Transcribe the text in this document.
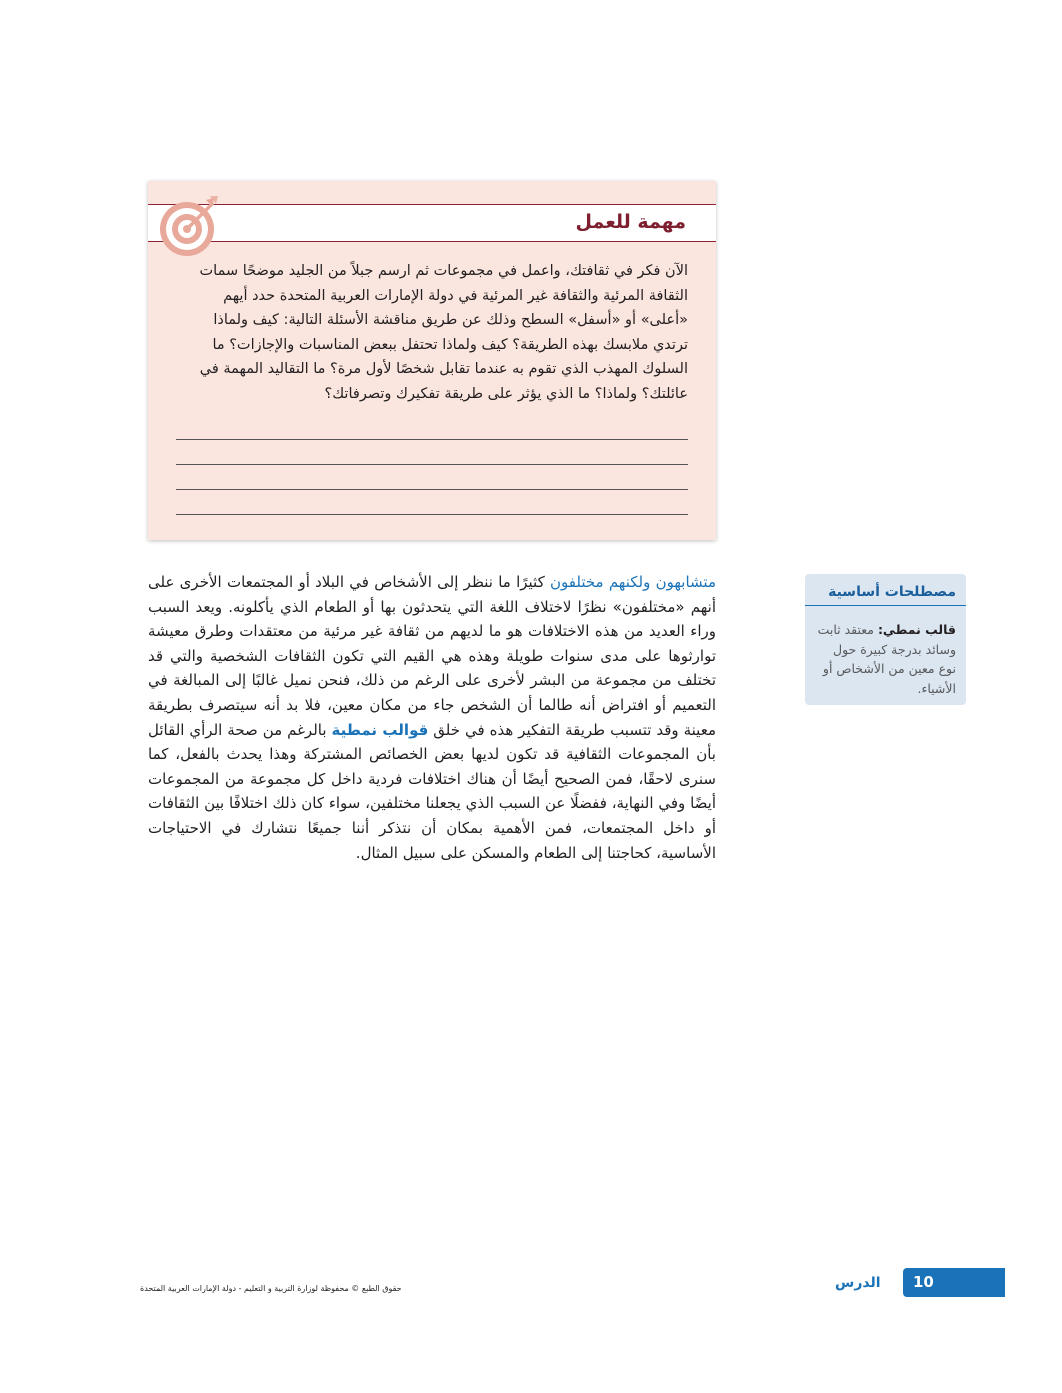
مهمة للعمل
الآن فكر في ثقافتك، واعمل في مجموعات ثم ارسم جبلاً من الجليد موضحًا سمات الثقافة المرئية والثقافة غير المرئية في دولة الإمارات العربية المتحدة حدد أيهم «أعلى» أو «أسفل» السطح وذلك عن طريق مناقشة الأسئلة التالية: كيف ولماذا ترتدي ملابسك بهذه الطريقة؟ كيف ولماذا تحتفل ببعض المناسبات والإجازات؟ ما السلوك المهذب الذي تقوم به عندما تقابل شخصًا لأول مرة؟ ما التقاليد المهمة في عائلتك؟ ولماذا؟ ما الذي يؤثر على طريقة تفكيرك وتصرفاتك؟
متشابهون ولكنهم مختلفون كثيرًا ما ننظر إلى الأشخاص في البلاد أو المجتمعات الأخرى على أنهم «مختلفون» نظرًا لاختلاف اللغة التي يتحدثون بها أو الطعام الذي يأكلونه. ويعد السبب وراء العديد من هذه الاختلافات هو ما لديهم من ثقافة غير مرئية من معتقدات وطرق معيشة توارثوها على مدى سنوات طويلة وهذه هي القيم التي تكون الثقافات الشخصية والتي قد تختلف من مجموعة من البشر لأخرى على الرغم من ذلك، فنحن نميل غالبًا إلى المبالغة في التعميم أو افتراض أنه طالما أن الشخص جاء من مكان معين، فلا بد أنه سيتصرف بطريقة معينة وقد تتسبب طريقة التفكير هذه في خلق قوالب نمطية بالرغم من صحة الرأي القائل بأن المجموعات الثقافية قد تكون لديها بعض الخصائص المشتركة وهذا يحدث بالفعل، كما سنرى لاحقًا، فمن الصحيح أيضًا أن هناك اختلافات فردية داخل كل مجموعة من المجموعات أيضًا وفي النهاية، ففضلًا عن السبب الذي يجعلنا مختلفين، سواء كان ذلك اختلافًا بين الثقافات أو داخل المجتمعات، فمن الأهمية بمكان أن نتذكر أننا جميعًا نتشارك في الاحتياجات الأساسية، كحاجتنا إلى الطعام والمسكن على سبيل المثال.
مصطلحات أساسية
قالب نمطي: معتقد ثابت وسائد بدرجة كبيرة حول نوع معين من الأشخاص أو الأشياء.
10
الدرس
حقوق الطبع © محفوظة لوزارة التربية و التعليم - دولة الإمارات العربية المتحدة
